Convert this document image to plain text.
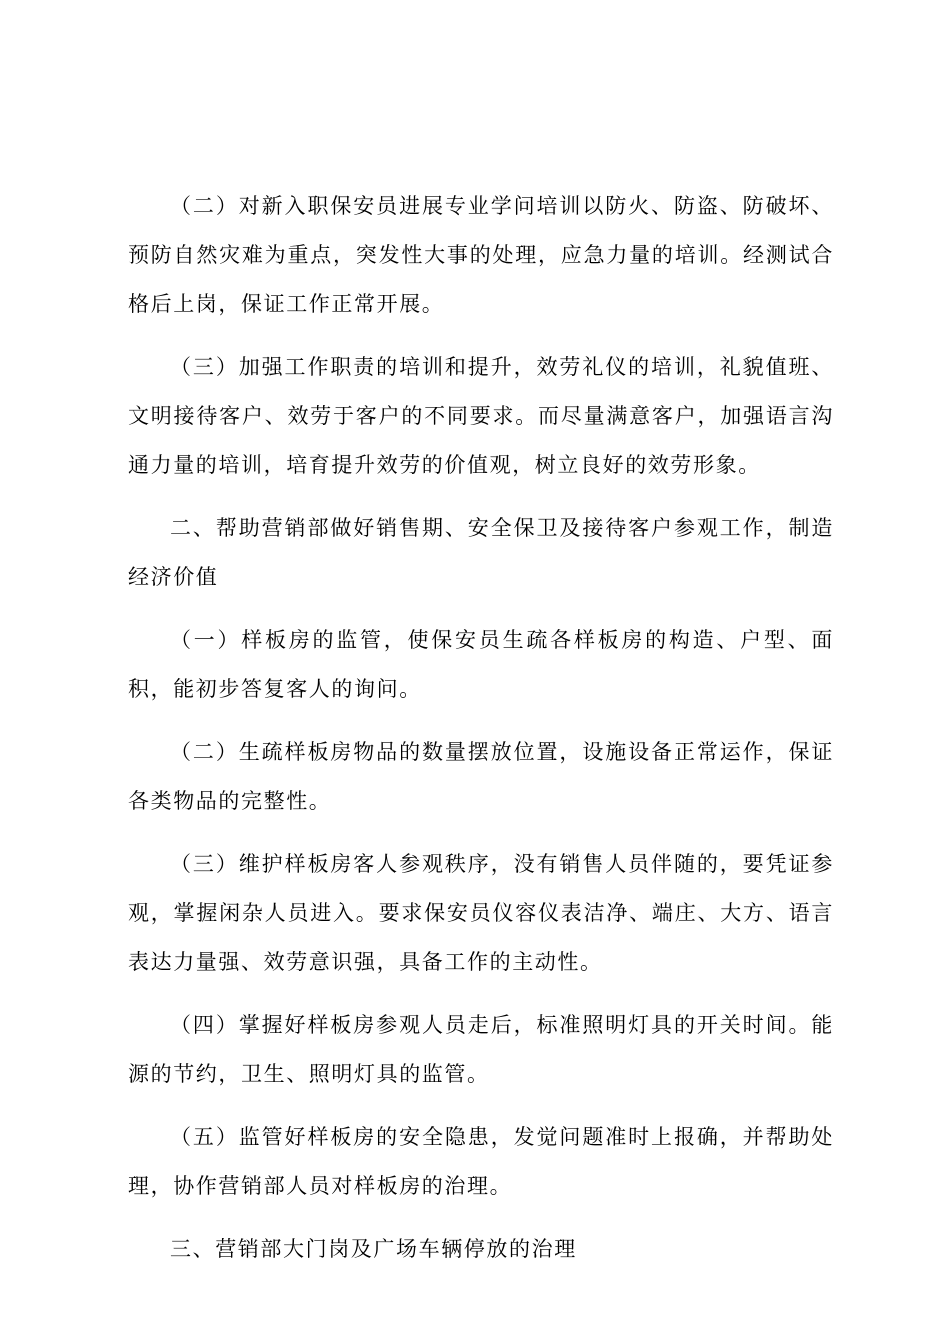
（二）对新入职保安员进展专业学问培训以防火、防盗、防破坏、预防自然灾难为重点，突发性大事的处理，应急力量的培训。经测试合格后上岗，保证工作正常开展。

（三）加强工作职责的培训和提升，效劳礼仪的培训，礼貌值班、文明接待客户、效劳于客户的不同要求。而尽量满意客户，加强语言沟通力量的培训，培育提升效劳的价值观，树立良好的效劳形象。

二、帮助营销部做好销售期、安全保卫及接待客户参观工作，制造经济价值

（一）样板房的监管，使保安员生疏各样板房的构造、户型、面积，能初步答复客人的询问。

（二）生疏样板房物品的数量摆放位置，设施设备正常运作，保证各类物品的完整性。

（三）维护样板房客人参观秩序，没有销售人员伴随的，要凭证参观，掌握闲杂人员进入。要求保安员仪容仪表洁净、端庄、大方、语言表达力量强、效劳意识强，具备工作的主动性。

（四）掌握好样板房参观人员走后，标准照明灯具的开关时间。能源的节约，卫生、照明灯具的监管。

（五）监管好样板房的安全隐患，发觉问题准时上报确，并帮助处理，协作营销部人员对样板房的治理。

三、营销部大门岗及广场车辆停放的治理
